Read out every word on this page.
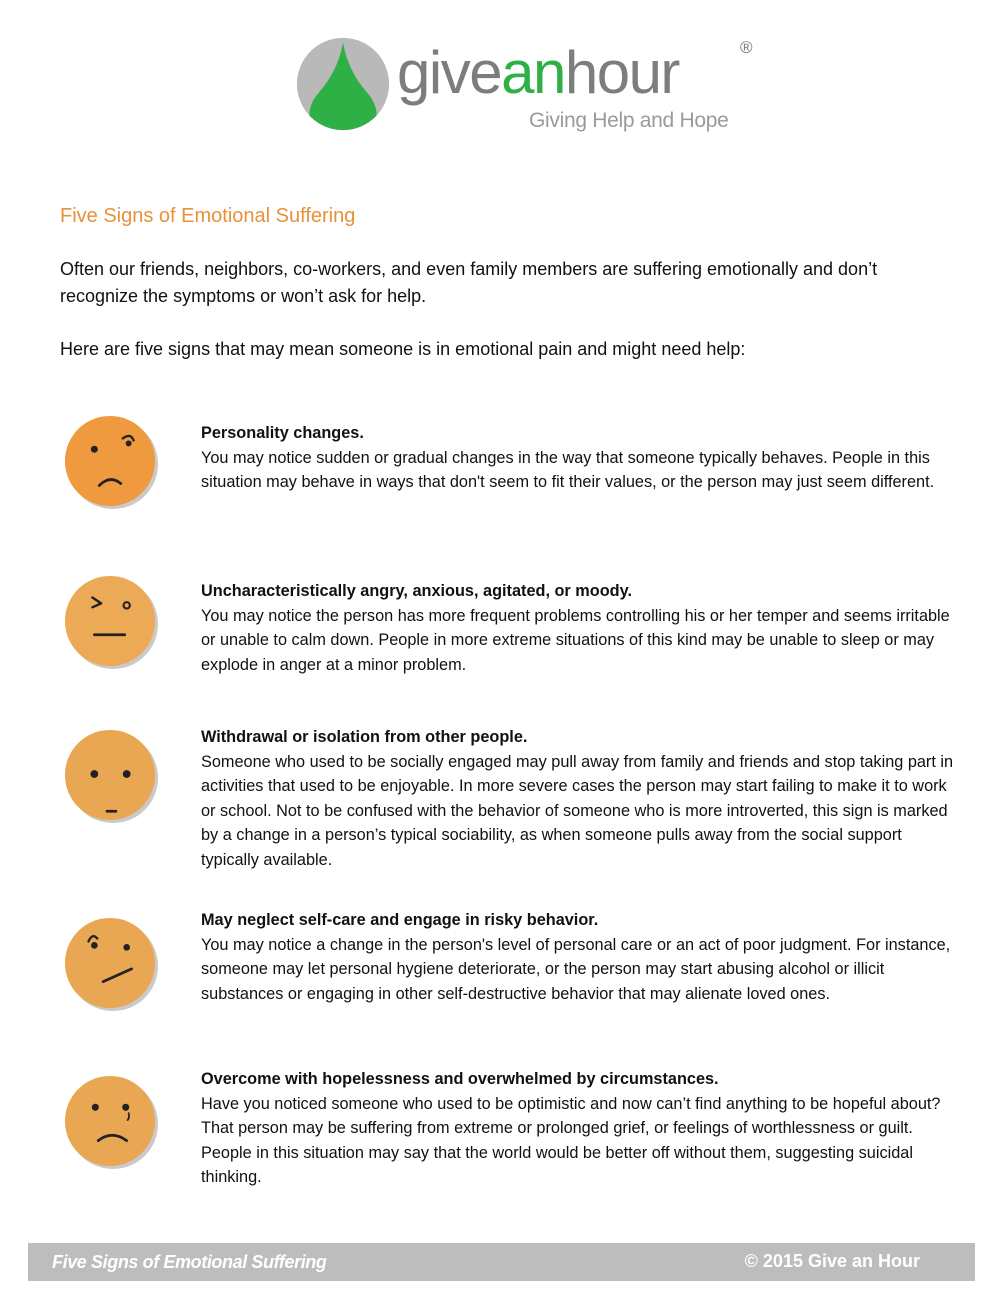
giveanhour	®
Giving Help and Hope
Five Signs of Emotional Suffering

Often our friends, neighbors, co-workers, and even family members are suffering emotionally and don’t recognize the symptoms or won’t ask for help.

Here are five signs that may mean someone is in emotional pain and might need help:

Personality changes.

You may notice sudden or gradual changes in the way that someone typically behaves. People in this situation may behave in ways that don't seem to fit their values, or the person may just seem different.

Uncharacteristically angry, anxious, agitated, or moody.

You may notice the person has more frequent problems controlling his or her temper and seems irritable or unable to calm down. People in more extreme situations of this kind may be unable to sleep or may explode in anger at a minor problem.

Withdrawal or isolation from other people.

Someone who used to be socially engaged may pull away from family and friends and stop taking part in activities that used to be enjoyable. In more severe cases the person may start failing to make it to work or school. Not to be confused with the behavior of someone who is more introverted, this sign is marked by a change in a person’s typical sociability, as when someone pulls away from the social support typically available.

May neglect self-care and engage in risky behavior.

You may notice a change in the person's level of personal care or an act of poor judgment. For instance, someone may let personal hygiene deteriorate, or the person may start abusing alcohol or illicit substances or engaging in other self-destructive behavior that may alienate loved ones.

Overcome with hopelessness and overwhelmed by circumstances.

Have you noticed someone who used to be optimistic and now can’t find anything to be hopeful about? That person may be suffering from extreme or prolonged grief, or feelings of worthlessness or guilt. People in this situation may say that the world would be better off without them, suggesting suicidal thinking.

Five Signs of Emotional Suffering	© 2015 Give an Hour
